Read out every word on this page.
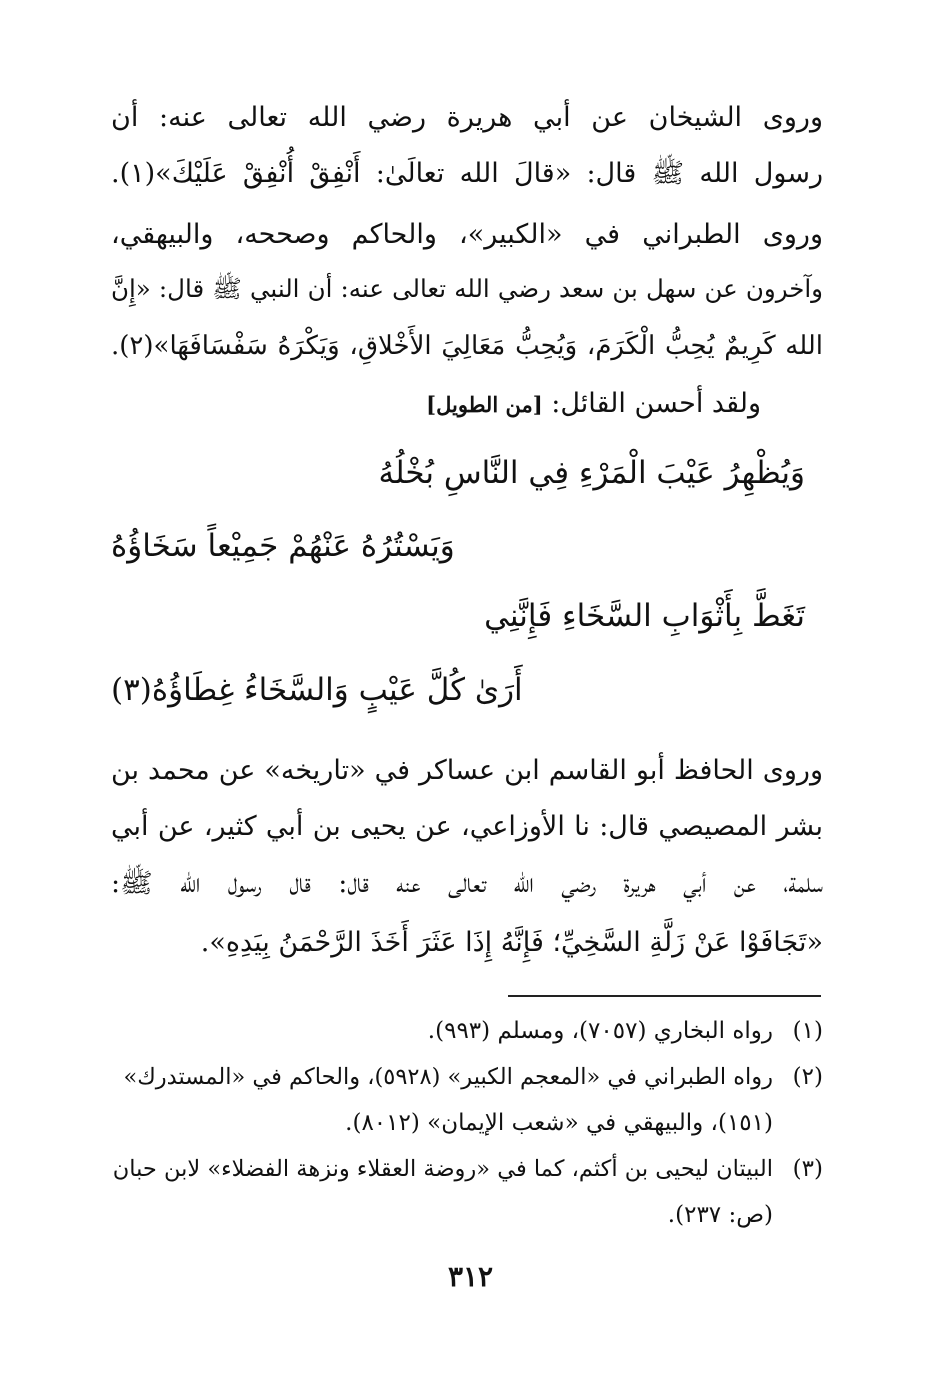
وروى الشيخان عن أبي هريرة رضي الله تعالى عنه: أن
رسول الله ﷺ قال: «قالَ الله تعالَىٰ: أَنْفِقْ أُنْفِقْ عَلَيْكَ»(١).
وروى الطبراني في «الكبير»، والحاكم وصححه، والبيهقي،
وآخرون عن سهل بن سعد رضي الله تعالى عنه: أن النبي ﷺ قال: «إِنَّ
الله كَرِيمٌ يُحِبُّ الْكَرَمَ، وَيُحِبُّ مَعَالِيَ الأَخْلاقِ، وَيَكْرَهُ سَفْسَافَهَا»(٢).
ولقد أحسن القائل: [من الطويل]
وَيُظْهِرُ عَيْبَ الْمَرْءِ فِي النَّاسِ بُخْلُهُ
وَيَسْتُرُهُ عَنْهُمْ جَمِيْعاً سَخَاؤُهُ
تَغَطَّ بِأَثْوَابِ السَّخَاءِ فَإِنَّنِي
أَرَىٰ كُلَّ عَيْبٍ وَالسَّخَاءُ غِطَاؤُهُ(٣)
وروى الحافظ أبو القاسم ابن عساكر في «تاريخه» عن محمد بن
بشر المصيصي قال: نا الأوزاعي، عن يحيى بن أبي كثير، عن أبي
سلمة، عن أبي هريرة رضي الله تعالى عنه قال: قال رسول الله ﷺ:
«تَجَافَوْا عَنْ زَلَّةِ السَّخِيِّ؛ فَإِنَّهُ إِذَا عَثَرَ أَخَذَ الرَّحْمَنُ بِيَدِهِ».
(١)
رواه البخاري (٧٠٥٧)، ومسلم (٩٩٣).
(٢)
رواه الطبراني في «المعجم الكبير» (٥٩٢٨)، والحاكم في «المستدرك»
(١٥١)، والبيهقي في «شعب الإيمان» (٨٠١٢).
(٣)
البيتان ليحيى بن أكثم، كما في «روضة العقلاء ونزهة الفضلاء» لابن حبان
(ص: ٢٣٧).
٣١٢
